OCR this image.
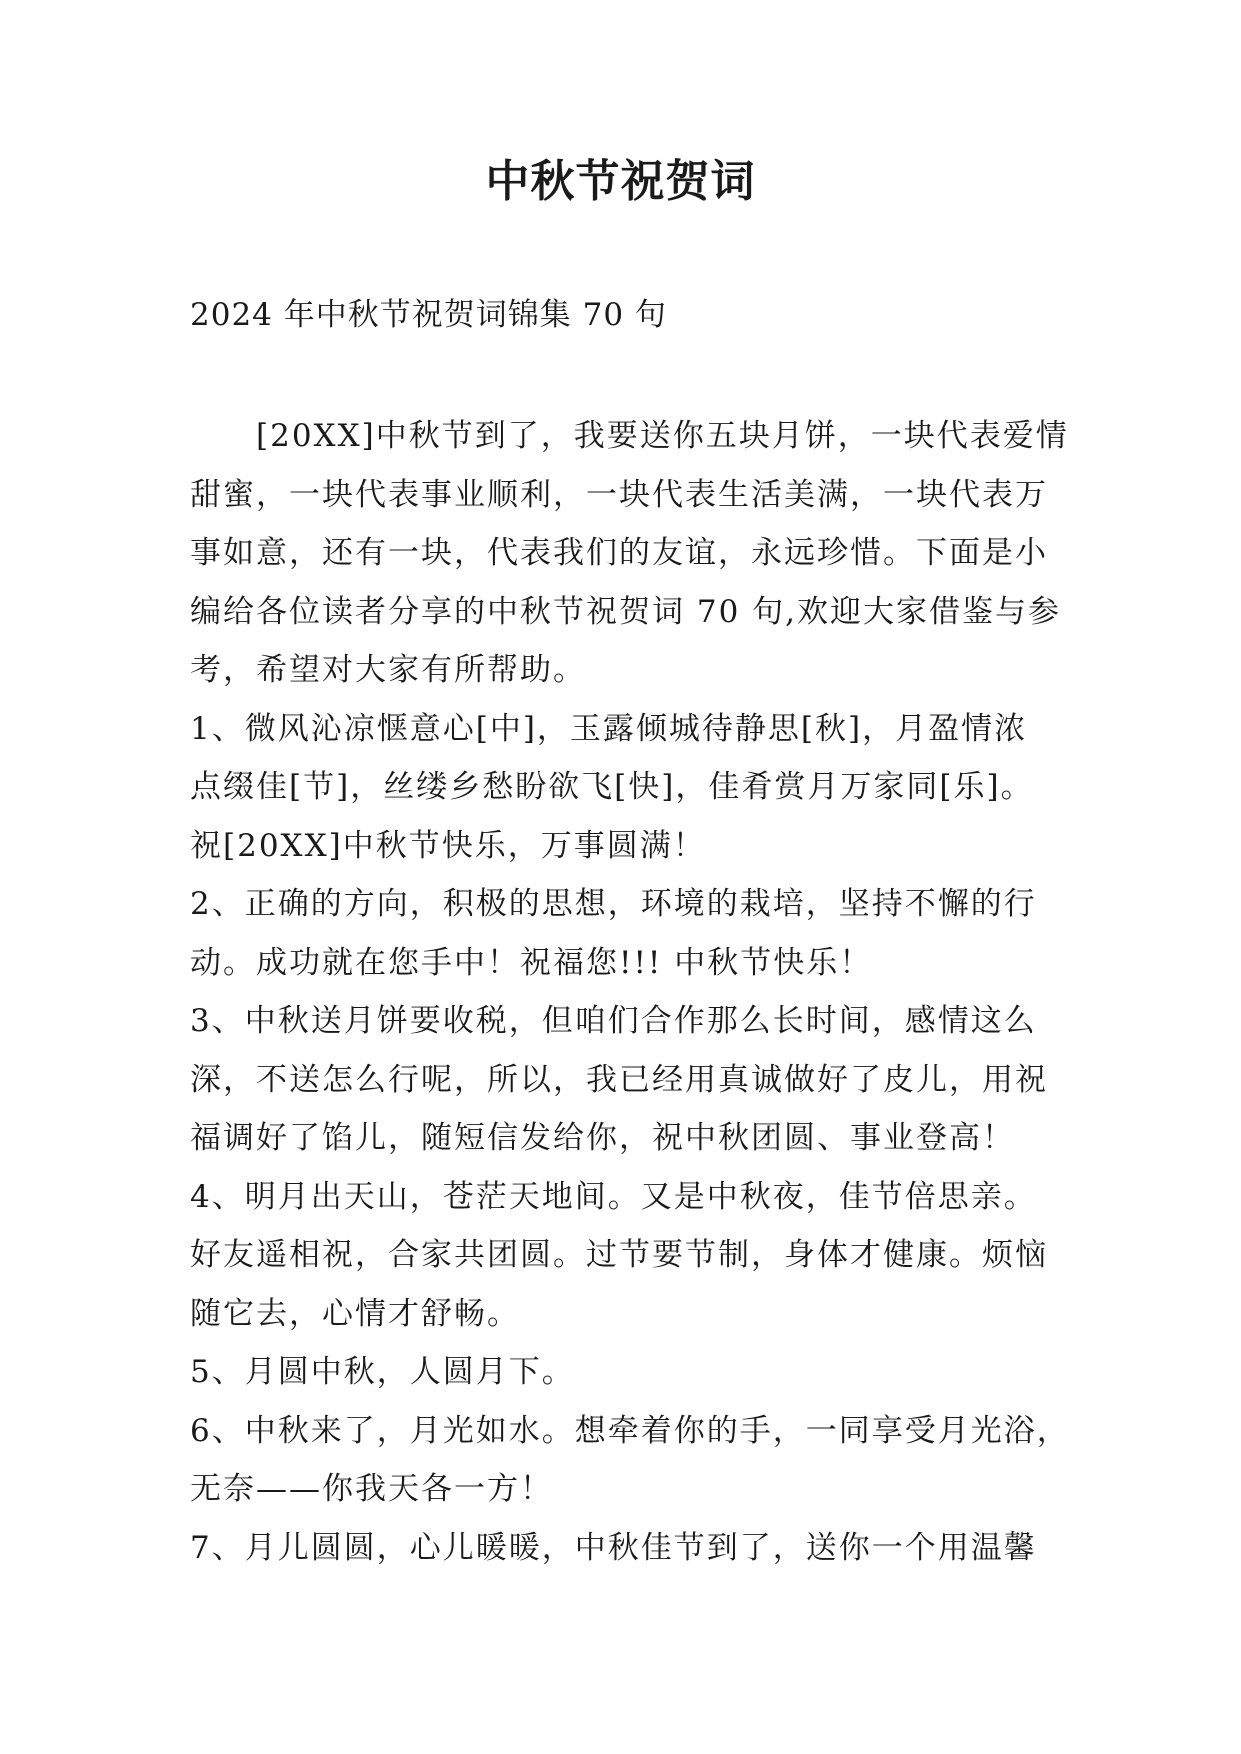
中秋节祝贺词

2024 年中秋节祝贺词锦集 70 句

[20XX]中秋节到了，我要送你五块月饼，一块代表爱情
甜蜜，一块代表事业顺利，一块代表生活美满，一块代表万
事如意，还有一块，代表我们的友谊，永远珍惜。下面是小
编给各位读者分享的中秋节祝贺词 70 句,欢迎大家借鉴与参
考，希望对大家有所帮助。
1、微风沁凉惬意心[中]，玉露倾城待静思[秋]，月盈情浓
点缀佳[节]，丝缕乡愁盼欲飞[快]，佳肴赏月万家同[乐]。
祝[20XX]中秋节快乐，万事圆满！
2、正确的方向，积极的思想，环境的栽培，坚持不懈的行
动。成功就在您手中！祝福您!!! 中秋节快乐！
3、中秋送月饼要收税，但咱们合作那么长时间，感情这么
深，不送怎么行呢，所以，我已经用真诚做好了皮儿，用祝
福调好了馅儿，随短信发给你，祝中秋团圆、事业登高！
4、明月出天山，苍茫天地间。又是中秋夜，佳节倍思亲。
好友遥相祝，合家共团圆。过节要节制，身体才健康。烦恼
随它去，心情才舒畅。
5、月圆中秋，人圆月下。
6、中秋来了，月光如水。想牵着你的手，一同享受月光浴，
无奈——你我天各一方！
7、月儿圆圆，心儿暖暖，中秋佳节到了，送你一个用温馨
